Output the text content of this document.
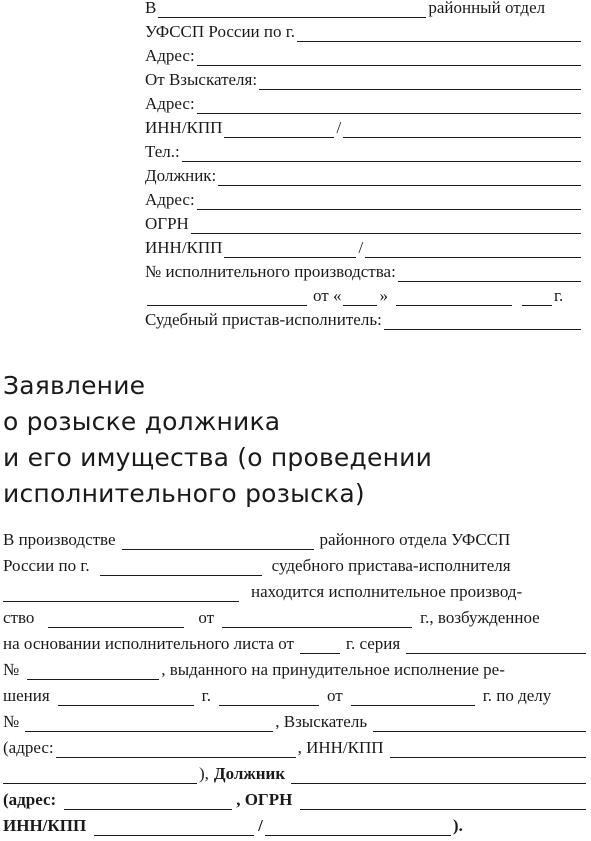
В	районный отдел
УФССП России по г.
Адрес:
От Взыскателя:
Адрес:
ИНН/КПП	/
Тел.:
Должник:
Адрес:
ОГРН
ИНН/КПП	/
№ исполнительного производства:
от « »	г.
Судебный пристав-исполнитель:
Заявление
о розыске должника
и его имущества (о проведении
исполнительного розыска)
В производстве	районного отдела УФССП
России по г.	судебного пристава-исполнителя
находится исполнительное производ-
ство	от	г., возбужденное
на основании исполнительного листа от	г. серия
№	, выданного на принудительное исполнение ре-
шения	г.	от	г. по делу
№	, Взыскатель
(адрес:	, ИНН/КПП
), Должник
(адрес:	, ОГРН
ИНН/КПП	/	).
